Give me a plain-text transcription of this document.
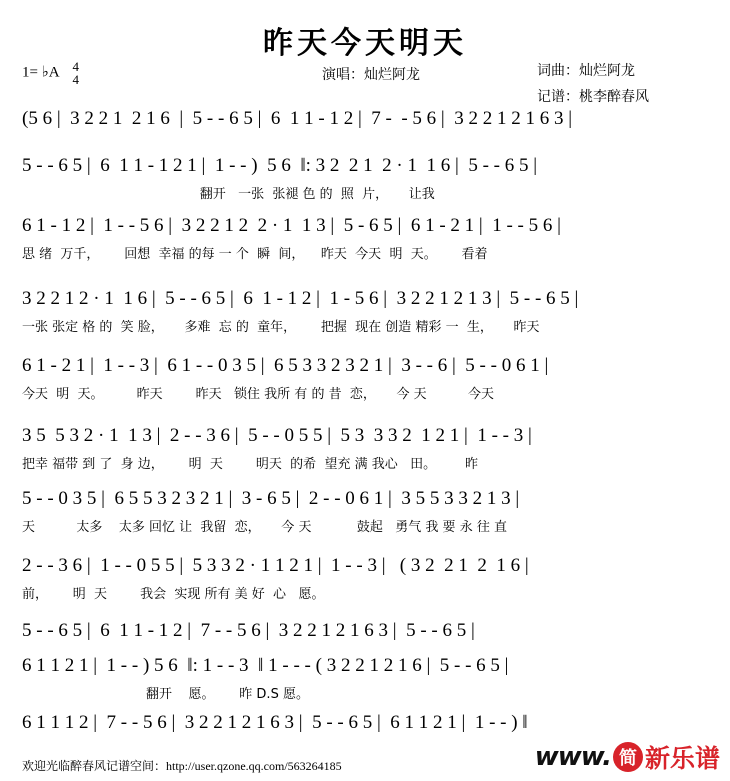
昨天今天明天
1= ♭A 4
4	演唱：灿烂阿龙	词曲：灿烂阿龙
记谱：桃李醉春风
(5 6 |  3 2 2 1  2 1 6  |  5 - - 6 5 |  6  1 1 - 1 2 |  7 -  - 5 6 |  3 2 2 1 2 1 6 3 |
5 - - 6 5 |  6  1 1 - 1 2 1 |  1 - - )  5 6  ‖: 3 2  2 1  2 · 1  1 6 |  5 - - 6 5 |
翻开   一张  张褪 色 的  照  片，     让我
6 1 - 1 2 |  1 - - 5 6 |  3 2 2 1 2  2 · 1  1 3 |  5 - 6 5 |  6 1 - 2 1 |  1 - - 5 6 |
思 绪  万千，      回想  幸福 的每 一 个  瞬  间，    昨天  今天  明  天。      看着
3 2 2 1 2 · 1  1 6 |  5 - - 6 5 |  6  1 - 1 2 |  1 - 5 6 |  3 2 2 1 2 1 3 |  5 - - 6 5 |
一张 张定 格 的  笑 脸，     多难  忘 的  童年，      把握  现在 创造 精彩 一  生，     昨天
6 1 - 2 1 |  1 - - 3 |  6 1 - - 0 3 5 |  6 5 3 3 2 3 2 1 |  3 - - 6 |  5 - - 0 6 1 |
今天  明  天。        昨天        昨天   锁住 我所 有 的 昔  恋，     今 天          今天
3 5  5 3 2 · 1  1 3 |  2 - - 3 6 |  5 - - 0 5 5 |  5 3  3 3 2  1 2 1 |  1 - - 3 |
把幸 福带 到 了  身 边，      明  天        明天  的希  望充 满 我心   田。       昨
5 - - 0 3 5 |  6 5 5 3 2 3 2 1 |  3 - 6 5 |  2 - - 0 6 1 |  3 5 5 3 3 2 1 3 |
天          太多    太多 回忆 让  我留  恋，     今 天           鼓起   勇气 我 要 永 往 直
2 - - 3 6 |  1 - - 0 5 5 |  5 3 3 2 · 1 1 2 1 |  1 - - 3 |   ( 3 2  2 1  2  1 6 |
前，      明  天        我会  实现 所有 美 好  心   愿。
5 - - 6 5 |  6  1 1 - 1 2 |  7 - - 5 6 |  3 2 2 1 2 1 6 3 |  5 - - 6 5 |
6 1 1 2 1 |  1 - - ) 5 6  ‖: 1 - - 3  ‖ 1 - - - ( 3 2 2 1 2 1 6 |  5 - - 6 5 |
翻开    愿。      昨 D.S 愿。
6 1 1 1 2 |  7 - - 5 6 |  3 2 2 1 2 1 6 3 |  5 - - 6 5 |  6 1 1 2 1 |  1 - - ) ‖
欢迎光临醉春风记谱空间：http://user.qzone.qq.com/563264185	www. 简 新乐谱
